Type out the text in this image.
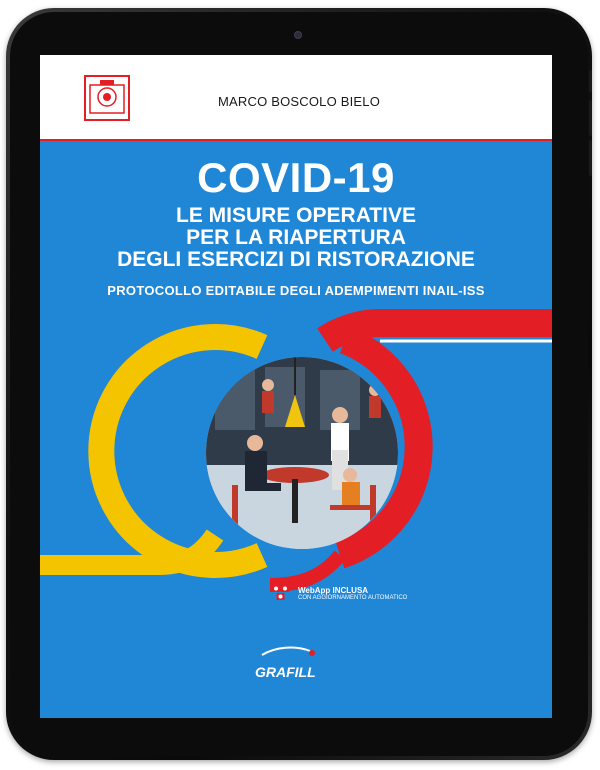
MARCO BOSCOLO BIELO
COVID-19
LE MISURE OPERATIVE
PER LA RIAPERTURA
DEGLI ESERCIZI DI RISTORAZIONE
PROTOCOLLO EDITABILE DEGLI ADEMPIMENTI INAIL-ISS
WebApp INCLUSA
CON AGGIORNAMENTO AUTOMATICO
GRAFILL
